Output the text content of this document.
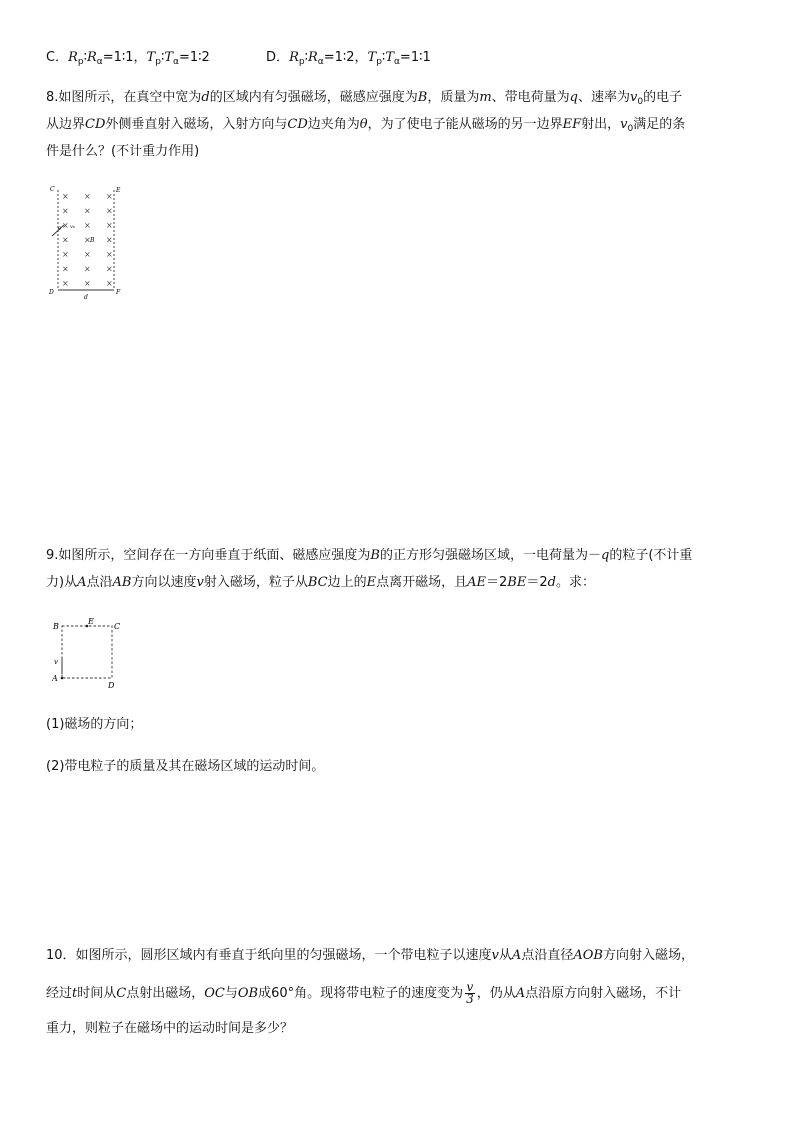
C．$R_p∶R_\alpha=1∶1$，$T_p∶T_\alpha=1∶2$	D．$R_p∶R_\alpha=1∶2$，$T_p∶T_\alpha=1∶1$
8.如图所示，在真空中宽为d的区域内有匀强磁场，磁感应强度为B，质量为m、带电荷量为q、速率为$v_0$的电子
从边界CD外侧垂直射入磁场，入射方向与CD边夹角为θ，为了使电子能从磁场的另一边界EF射出，$v_0$满足的条
件是什么？(不计重力作用)
C	E
D	F
d
× × ×
× × ×
× × ×
× × ×
× × ×
× × ×
× × ×
θ v₀
B
9.如图所示，空间存在一方向垂直于纸面、磁感应强度为B的正方形匀强磁场区域，一电荷量为－q的粒子(不计重
力)从A点沿AB方向以速度v射入磁场，粒子从BC边上的E点离开磁场，且AE＝2BE＝2d。求：
B
E
C
v
A
D
(1)磁场的方向；
(2)带电粒子的质量及其在磁场区域的运动时间。
10．如图所示，圆形区域内有垂直于纸向里的匀强磁场，一个带电粒子以速度v从A点沿直径AOB方向射入磁场，
经过t时间从C点射出磁场，OC与OB成60°角。现将带电粒子的速度变为 $\frac{v}{3}$ ，仍从A点沿原方向射入磁场，不计
重力，则粒子在磁场中的运动时间是多少？
